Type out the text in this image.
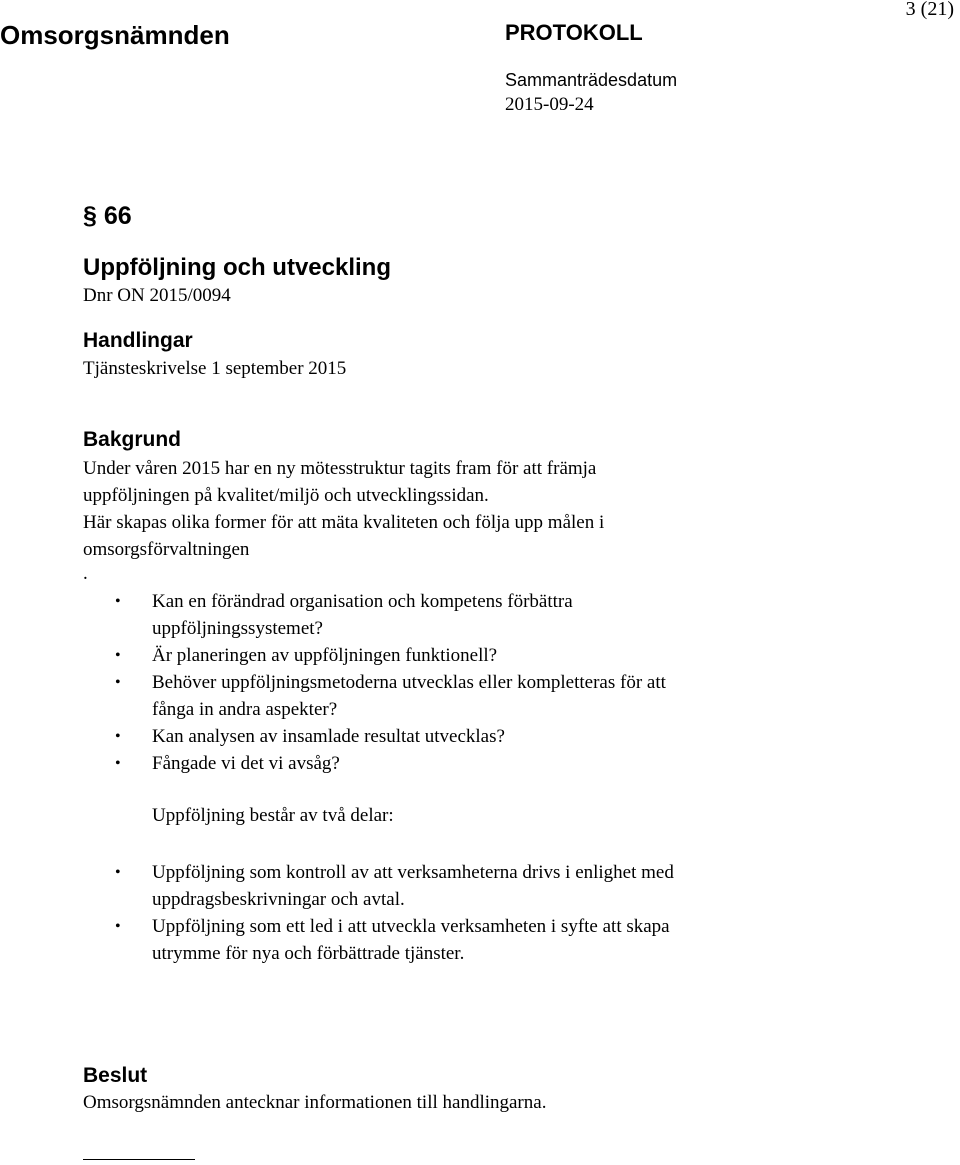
Omsorgsnämnden	PROTOKOLL
3 (21)
Sammanträdesdatum
2015-09-24
§ 66
Uppföljning och utveckling
Dnr ON 2015/0094
Handlingar
Tjänsteskrivelse 1 september 2015
Bakgrund

Under våren 2015 har en ny mötesstruktur tagits fram för att främja
uppföljningen på kvalitet/miljö och utvecklingssidan.
Här skapas olika former för att mäta kvaliteten och följa upp målen i
omsorgsförvaltningen

.
• Kan en förändrad organisation och kompetens förbättra
uppföljningssystemet?
• Är planeringen av uppföljningen funktionell?
• Behöver uppföljningsmetoderna utvecklas eller kompletteras för att
fånga in andra aspekter?
• Kan analysen av insamlade resultat utvecklas?
• Fångade vi det vi avsåg?
Uppföljning består av två delar:
• Uppföljning som kontroll av att verksamheterna drivs i enlighet med
uppdragsbeskrivningar och avtal.
• Uppföljning som ett led i att utveckla verksamheten i syfte att skapa
utrymme för nya och förbättrade tjänster.
Beslut
Omsorgsnämnden antecknar informationen till handlingarna.
